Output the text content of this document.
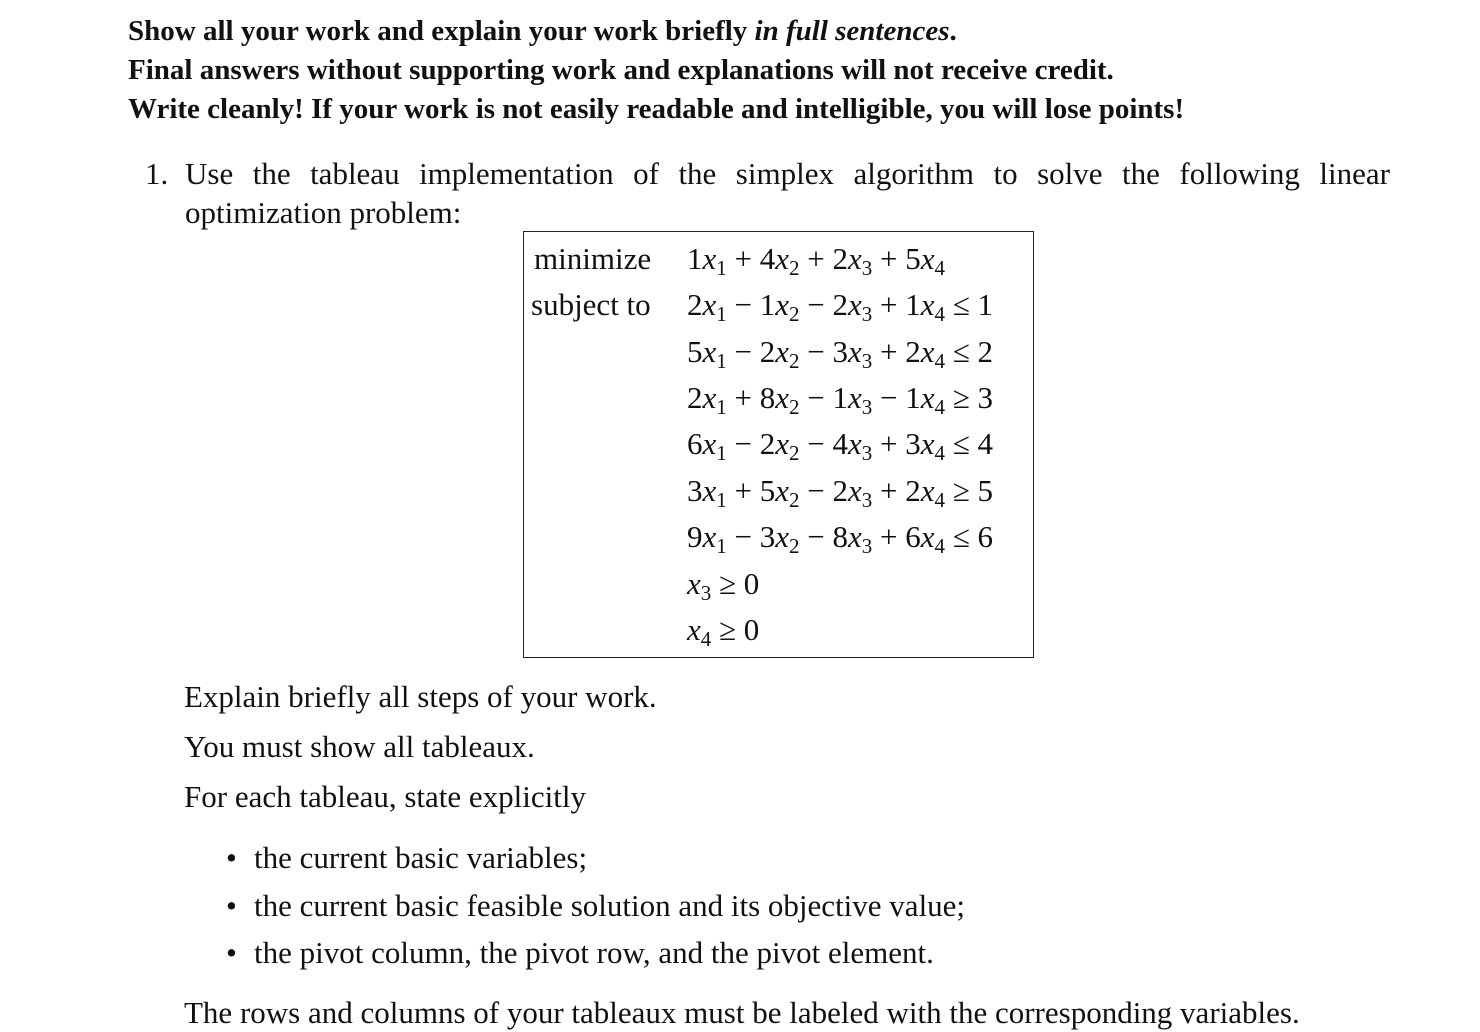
Show all your work and explain your work briefly in full sentences.
Final answers without supporting work and explanations will not receive credit.
Write cleanly! If your work is not easily readable and intelligible, you will lose points!
1. Use the tableau implementation of the simplex algorithm to solve the following linear optimization problem:
minimize $1x_1 + 4x_2 + 2x_3 + 5x_4$
subject to $2x_1 - 1x_2 - 2x_3 + 1x_4 \le 1$
$5x_1 - 2x_2 - 3x_3 + 2x_4 \le 2$
$2x_1 + 8x_2 - 1x_3 - 1x_4 \ge 3$
$6x_1 - 2x_2 - 4x_3 + 3x_4 \le 4$
$3x_1 + 5x_2 - 2x_3 + 2x_4 \ge 5$
$9x_1 - 3x_2 - 8x_3 + 6x_4 \le 6$
$x_3 \ge 0$
$x_4 \ge 0$
Explain briefly all steps of your work.
You must show all tableaux.
For each tableau, state explicitly
• the current basic variables;
• the current basic feasible solution and its objective value;
• the pivot column, the pivot row, and the pivot element.
The rows and columns of your tableaux must be labeled with the corresponding variables.
